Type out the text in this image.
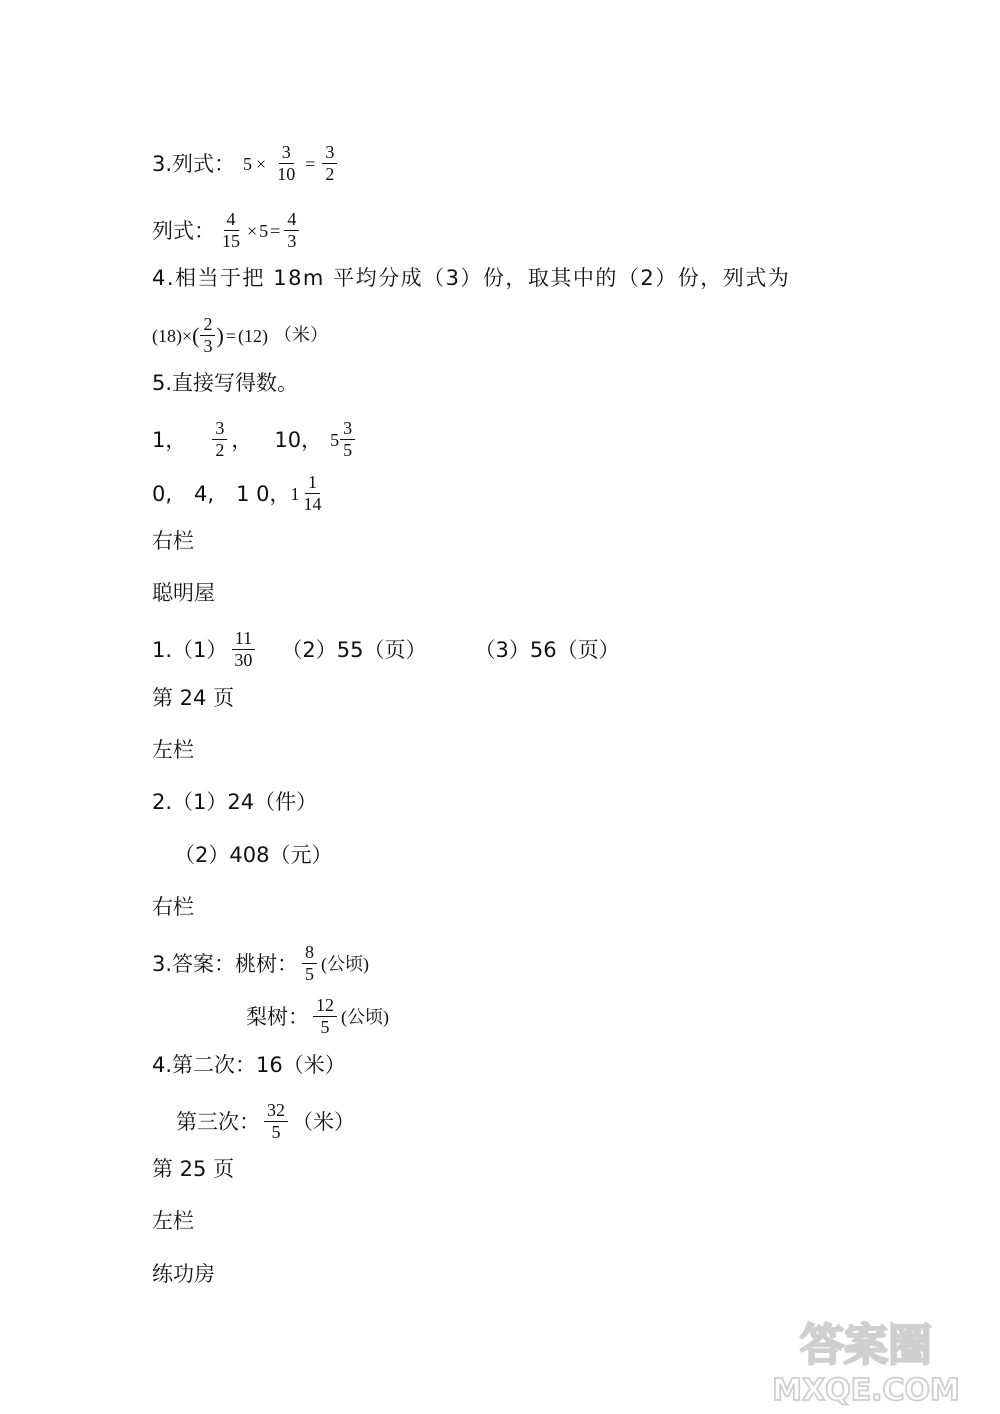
3.列式： $5 \times \frac{3}{10} = \frac{3}{2}$
列式： $\frac{4}{15} \times 5 = \frac{4}{3}$
4.相当于把 18m 平均分成（3）份，取其中的（2）份，列式为
(18) × ( $\frac{2}{3}$ ) = (12) （米）
5.直接写得数。
1， $\frac{3}{2}$ ， 10， $5 \frac{3}{5}$
0, 4, 1 0， $1 \frac{1}{14}$
右栏
聪明屋
$1.(1) \frac{11}{30} (2)55$（页） （3）56（页）
第 24 页
左栏
2.（1）24（件）
（2）408（元）
右栏
3.答案：桃树： $\frac{8}{5}$ (公顷)
梨树： $\frac{12}{5}$ (公顷)
4.第二次：16（米）
第三次： $\frac{32}{5}$ （米）
第 25 页
左栏
练功房
答案圈
MXQE.COM
